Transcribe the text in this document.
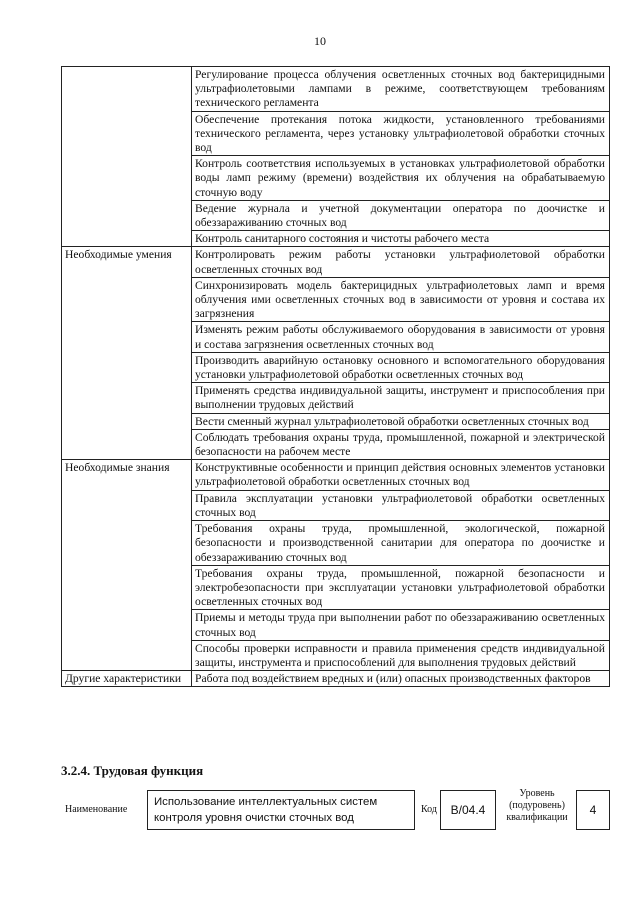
10
	Регулирование процесса облучения осветленных сточных вод бактерицидными ультрафиолетовыми лампами в режиме, соответствующем требованиям технического регламента
	Обеспечение протекания потока жидкости, установленного требованиями технического регламента, через установку ультрафиолетовой обработки сточных вод
	Контроль соответствия используемых в установках ультрафиолетовой обработки воды ламп режиму (времени) воздействия их облучения на обрабатываемую сточную воду
	Ведение журнала и учетной документации оператора по доочистке и обеззараживанию сточных вод
	Контроль санитарного состояния и чистоты рабочего места
Необходимые умения	Контролировать режим работы установки ультрафиолетовой обработки осветленных сточных вод
	Синхронизировать модель бактерицидных ультрафиолетовых ламп и время облучения ими осветленных сточных вод в зависимости от уровня и состава их загрязнения
	Изменять режим работы обслуживаемого оборудования в зависимости от уровня и состава загрязнения осветленных сточных вод
	Производить аварийную остановку основного и вспомогательного оборудования установки ультрафиолетовой обработки осветленных сточных вод
	Применять средства индивидуальной защиты, инструмент и приспособления при выполнении трудовых действий
	Вести сменный журнал ультрафиолетовой обработки осветленных сточных вод
	Соблюдать требования охраны труда, промышленной, пожарной и электрической безопасности на рабочем месте
Необходимые знания	Конструктивные особенности и принцип действия основных элементов установки ультрафиолетовой обработки осветленных сточных вод
	Правила эксплуатации установки ультрафиолетовой обработки осветленных сточных вод
	Требования охраны труда, промышленной, экологической, пожарной безопасности и производственной санитарии для оператора по доочистке и обеззараживанию сточных вод
	Требования охраны труда, промышленной, пожарной безопасности и электробезопасности при эксплуатации установки ультрафиолетовой обработки осветленных сточных вод
	Приемы и методы труда при выполнении работ по обеззараживанию осветленных сточных вод
	Способы проверки исправности и правила применения средств индивидуальной защиты, инструмента и приспособлений для выполнения трудовых действий
Другие характеристики	Работа под воздействием вредных и (или) опасных производственных факторов
3.2.4. Трудовая функция
Наименование
Использование интеллектуальных систем контроля уровня очистки сточных вод
Код	B/04.4
Уровень (подуровень) квалификации
4
